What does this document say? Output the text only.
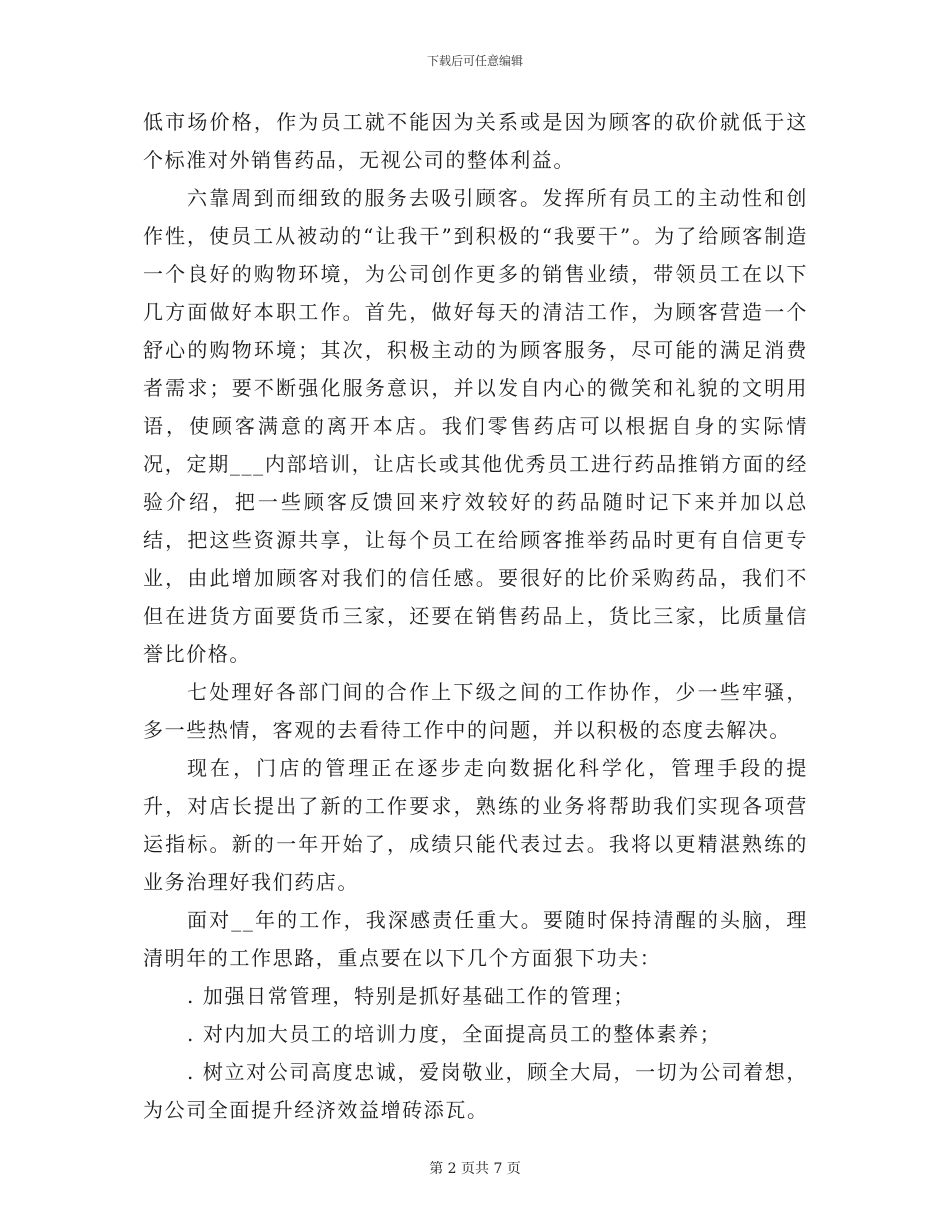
下载后可任意编辑

低市场价格，作为员工就不能因为关系或是因为顾客的砍价就低于这个标准对外销售药品，无视公司的整体利益。

六靠周到而细致的服务去吸引顾客。发挥所有员工的主动性和创作性，使员工从被动的“让我干”到积极的“我要干”。为了给顾客制造一个良好的购物环境，为公司创作更多的销售业绩，带领员工在以下几方面做好本职工作。首先，做好每天的清洁工作，为顾客营造一个舒心的购物环境；其次，积极主动的为顾客服务，尽可能的满足消费者需求；要不断强化服务意识，并以发自内心的微笑和礼貌的文明用语，使顾客满意的离开本店。我们零售药店可以根据自身的实际情况，定期___内部培训，让店长或其他优秀员工进行药品推销方面的经验介绍，把一些顾客反馈回来疗效较好的药品随时记下来并加以总结，把这些资源共享，让每个员工在给顾客推举药品时更有自信更专业，由此增加顾客对我们的信任感。要很好的比价采购药品，我们不但在进货方面要货币三家，还要在销售药品上，货比三家，比质量信誉比价格。

七处理好各部门间的合作上下级之间的工作协作，少一些牢骚，多一些热情，客观的去看待工作中的问题，并以积极的态度去解决。

现在，门店的管理正在逐步走向数据化科学化，管理手段的提升，对店长提出了新的工作要求，熟练的业务将帮助我们实现各项营运指标。新的一年开始了，成绩只能代表过去。我将以更精湛熟练的业务治理好我们药店。

面对__年的工作，我深感责任重大。要随时保持清醒的头脑，理清明年的工作思路，重点要在以下几个方面狠下功夫：

. 加强日常管理，特别是抓好基础工作的管理；

. 对内加大员工的培训力度，全面提高员工的整体素养；

. 树立对公司高度忠诚，爱岗敬业，顾全大局，一切为公司着想，为公司全面提升经济效益增砖添瓦。

第 2 页共 7 页
